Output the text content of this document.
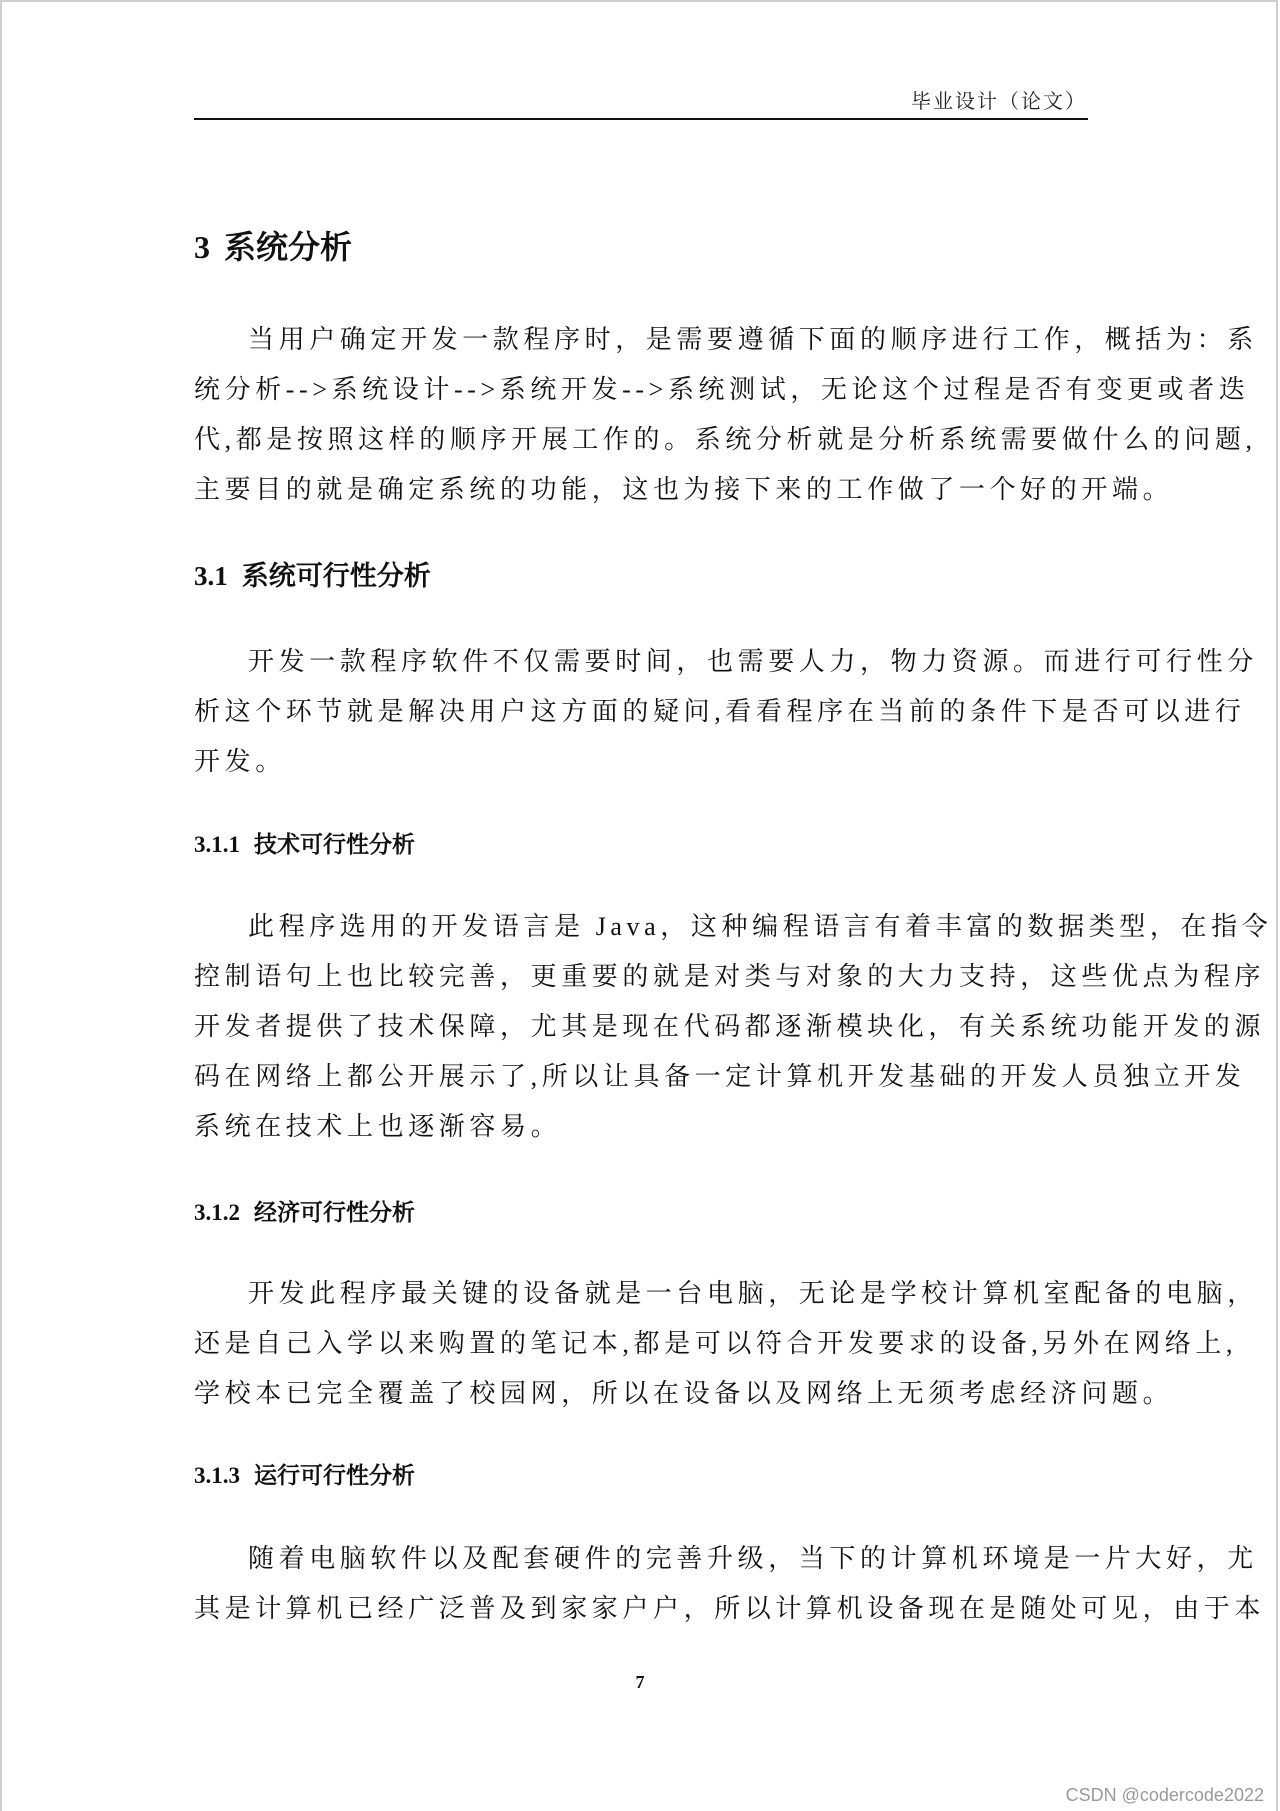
毕业设计（论文）
3 系统分析
当用户确定开发一款程序时，是需要遵循下面的顺序进行工作，概括为：系
统分析-->系统设计-->系统开发-->系统测试，无论这个过程是否有变更或者迭
代,都是按照这样的顺序开展工作的。系统分析就是分析系统需要做什么的问题,
主要目的就是确定系统的功能，这也为接下来的工作做了一个好的开端。
3.1 系统可行性分析
开发一款程序软件不仅需要时间，也需要人力，物力资源。而进行可行性分
析这个环节就是解决用户这方面的疑问,看看程序在当前的条件下是否可以进行
开发。
3.1.1 技术可行性分析
此程序选用的开发语言是 Java，这种编程语言有着丰富的数据类型，在指令
控制语句上也比较完善，更重要的就是对类与对象的大力支持，这些优点为程序
开发者提供了技术保障，尤其是现在代码都逐渐模块化，有关系统功能开发的源
码在网络上都公开展示了,所以让具备一定计算机开发基础的开发人员独立开发
系统在技术上也逐渐容易。
3.1.2 经济可行性分析
开发此程序最关键的设备就是一台电脑，无论是学校计算机室配备的电脑，
还是自己入学以来购置的笔记本,都是可以符合开发要求的设备,另外在网络上,
学校本已完全覆盖了校园网，所以在设备以及网络上无须考虑经济问题。
3.1.3 运行可行性分析
随着电脑软件以及配套硬件的完善升级，当下的计算机环境是一片大好，尤
其是计算机已经广泛普及到家家户户，所以计算机设备现在是随处可见，由于本
7
CSDN @codercode2022
